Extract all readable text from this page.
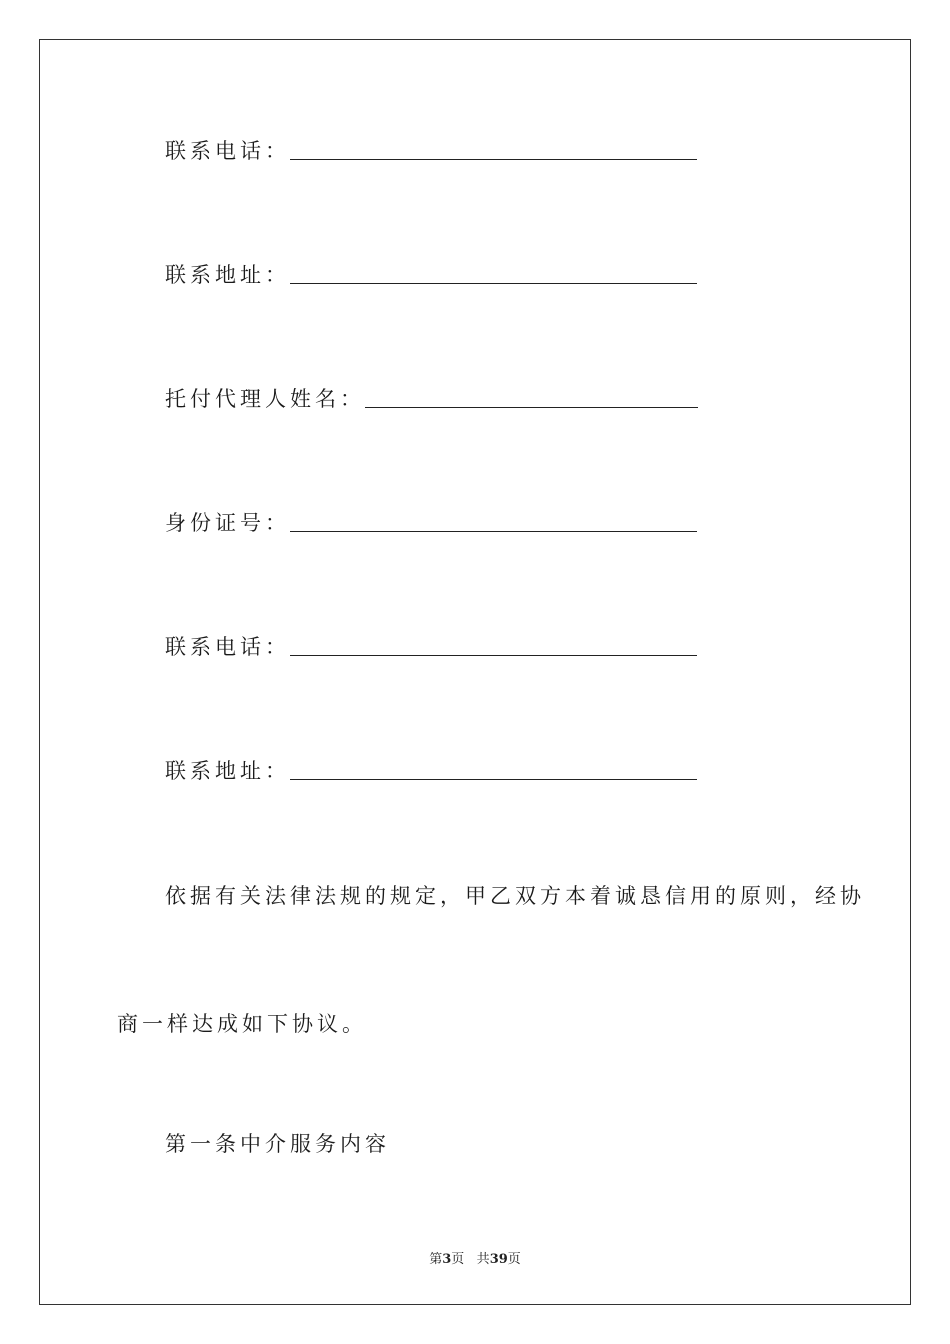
联系电话：
联系地址：
托付代理人姓名：
身份证号：
联系电话：
联系地址：
依据有关法律法规的规定，甲乙双方本着诚恳信用的原则，经协
商一样达成如下协议。
第一条中介服务内容
第3页 共39页
